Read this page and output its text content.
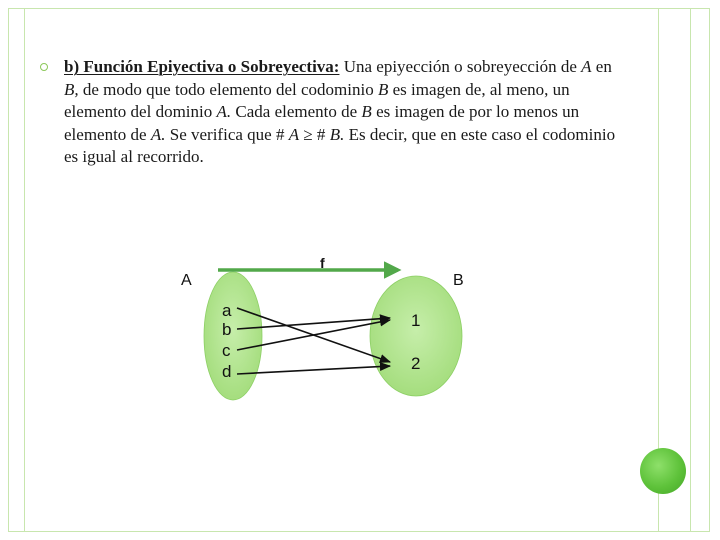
b) Función Epiyectiva o Sobreyectiva: Una epiyección o sobreyección de A en B, de modo que todo elemento del codominio B es imagen de, al meno, un elemento del dominio A. Cada elemento de B es imagen de por lo menos un elemento de A. Se verifica que # A ≥ # B. Es decir, que en este caso el codominio es igual al recorrido.
f
A	B
a
b
c
d
1
2
